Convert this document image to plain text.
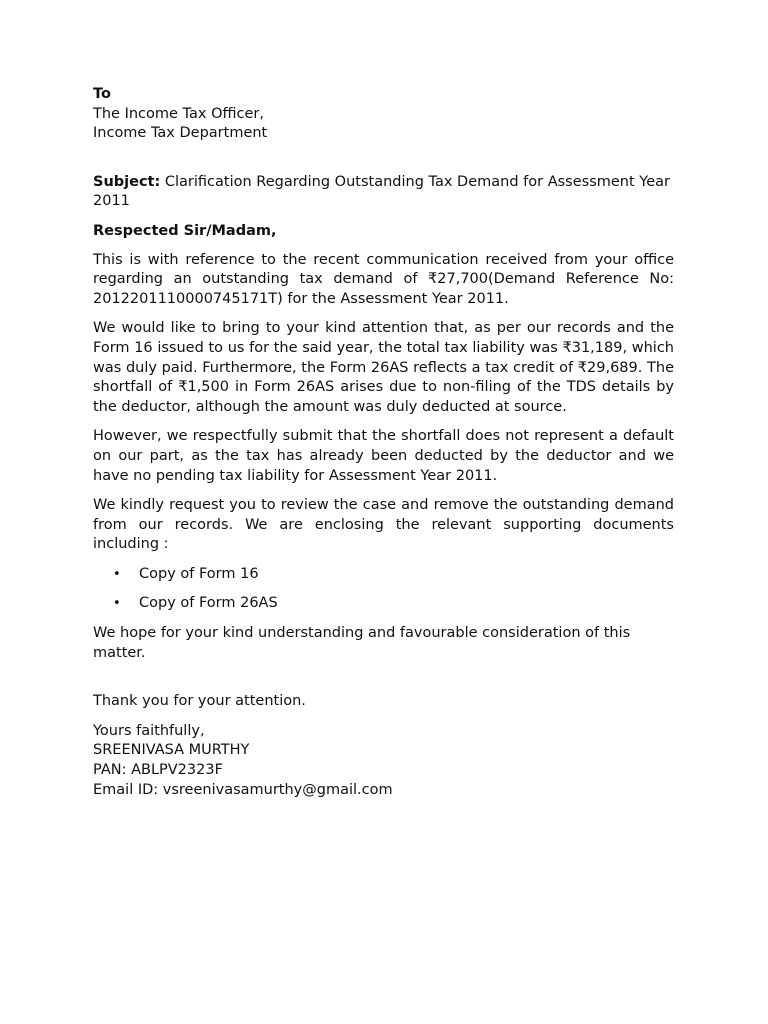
To
The Income Tax Officer,
Income Tax Department
Subject: Clarification Regarding Outstanding Tax Demand for Assessment Year 2011
Respected Sir/Madam,

This is with reference to the recent communication received from your office regarding an outstanding tax demand of ₹27,700(Demand Reference No: 2012201110000745171T) for the Assessment Year 2011.

We would like to bring to your kind attention that, as per our records and the Form 16 issued to us for the said year, the total tax liability was ₹31,189, which was duly paid. Furthermore, the Form 26AS reflects a tax credit of ₹29,689. The shortfall of ₹1,500 in Form 26AS arises due to non-filing of the TDS details by the deductor, although the amount was duly deducted at source.

However, we respectfully submit that the shortfall does not represent a default on our part, as the tax has already been deducted by the deductor and we have no pending tax liability for Assessment Year 2011.

We kindly request you to review the case and remove the outstanding demand from our records. We are enclosing the relevant supporting documents including :

• Copy of Form 16
• Copy of Form 26AS

We hope for your kind understanding and favourable consideration of this matter.

Thank you for your attention.

Yours faithfully,
SREENIVASA MURTHY
PAN: ABLPV2323F
Email ID: vsreenivasamurthy@gmail.com
